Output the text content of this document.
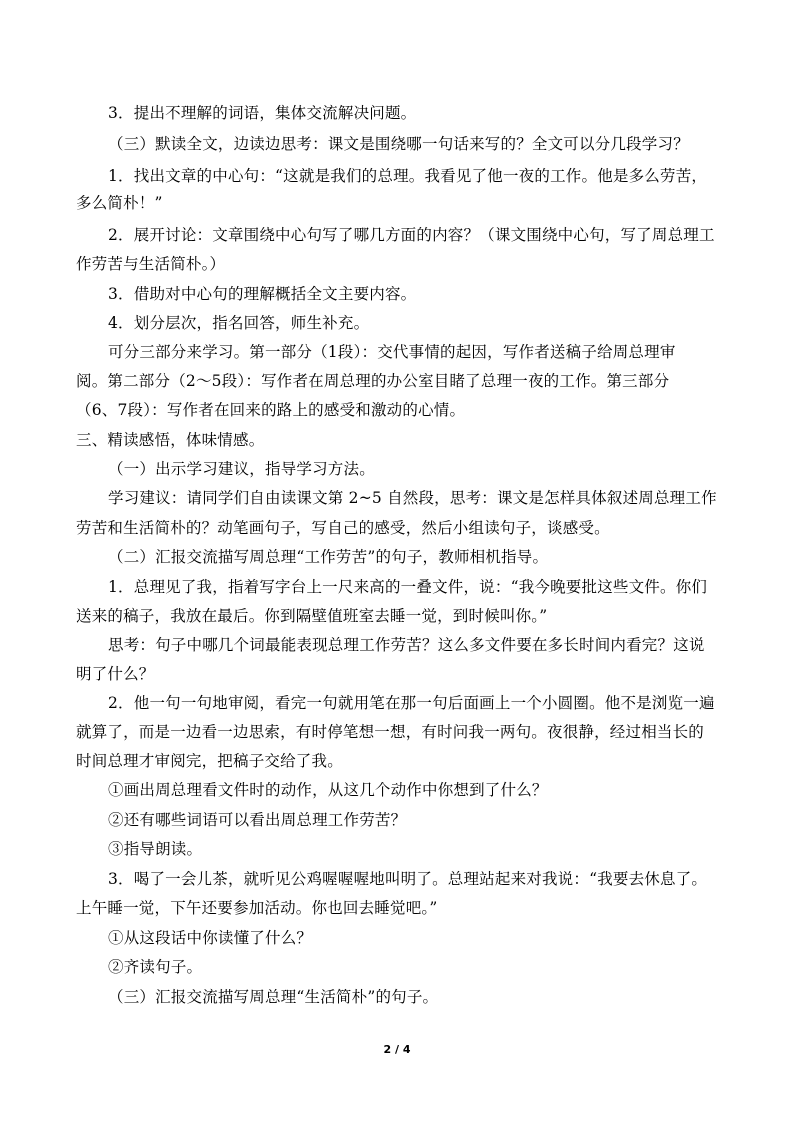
3．提出不理解的词语，集体交流解决问题。
（三）默读全文，边读边思考：课文是围绕哪一句话来写的？全文可以分几段学习？
1．找出文章的中心句：“这就是我们的总理。我看见了他一夜的工作。他是多么劳苦，
多么简朴！”
2．展开讨论：文章围绕中心句写了哪几方面的内容？（课文围绕中心句，写了周总理工
作劳苦与生活简朴。）
3．借助对中心句的理解概括全文主要内容。
4．划分层次，指名回答，师生补充。
可分三部分来学习。第一部分（1段）：交代事情的起因，写作者送稿子给周总理审
阅。第二部分（2～5段）：写作者在周总理的办公室目睹了总理一夜的工作。第三部分
（6、7段）：写作者在回来的路上的感受和激动的心情。
三、精读感悟，体味情感。
（一）出示学习建议，指导学习方法。
学习建议：请同学们自由读课文第 2~5 自然段，思考：课文是怎样具体叙述周总理工作
劳苦和生活简朴的？动笔画句子，写自己的感受，然后小组读句子，谈感受。
（二）汇报交流描写周总理“工作劳苦”的句子，教师相机指导。
1．总理见了我，指着写字台上一尺来高的一叠文件，说：“我今晚要批这些文件。你们
送来的稿子，我放在最后。你到隔壁值班室去睡一觉，到时候叫你。”
思考：句子中哪几个词最能表现总理工作劳苦？这么多文件要在多长时间内看完？这说
明了什么？
2．他一句一句地审阅，看完一句就用笔在那一句后面画上一个小圆圈。他不是浏览一遍
就算了，而是一边看一边思索，有时停笔想一想，有时问我一两句。夜很静，经过相当长的
时间总理才审阅完，把稿子交给了我。
①画出周总理看文件时的动作，从这几个动作中你想到了什么？
②还有哪些词语可以看出周总理工作劳苦？
③指导朗读。
3．喝了一会儿茶，就听见公鸡喔喔喔地叫明了。总理站起来对我说：“我要去休息了。
上午睡一觉，下午还要参加活动。你也回去睡觉吧。”
①从这段话中你读懂了什么？
②齐读句子。
（三）汇报交流描写周总理“生活简朴”的句子。
2 / 4
